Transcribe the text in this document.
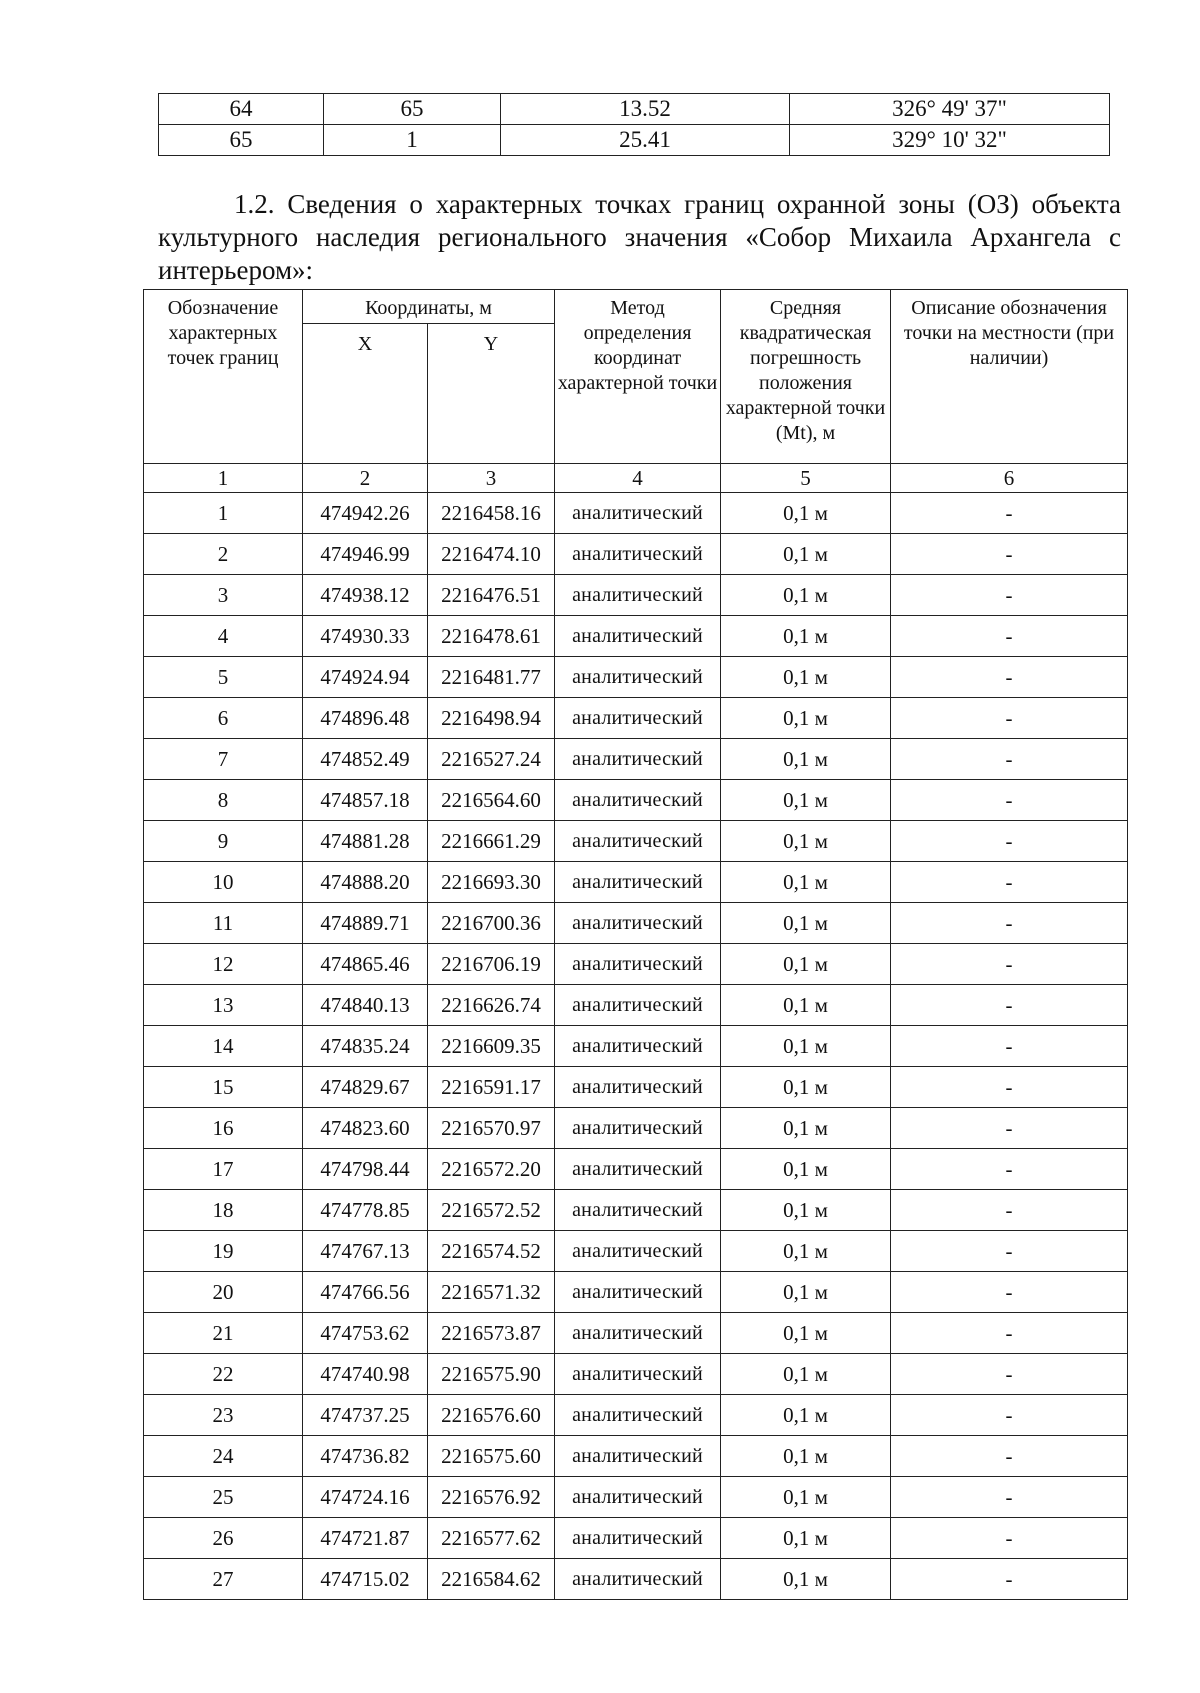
64	65	13.52	326° 49' 37"
65	1	25.41	329° 10' 32"

1.2. Сведения о характерных точках границ охранной зоны (ОЗ) объекта культурного наследия регионального значения «Собор Михаила Архангела с интерьером»:

Обозначение характерных точек границ	Координаты, м		Метод определения координат характерной точки	Средняя квадратическая погрешность положения характерной точки (Mt), м	Описание обозначения точки на местности (при наличии)
	X	Y			
1	2	3	4	5	6
1	474942.26	2216458.16	аналитический	0,1 м	-
2	474946.99	2216474.10	аналитический	0,1 м	-
3	474938.12	2216476.51	аналитический	0,1 м	-
4	474930.33	2216478.61	аналитический	0,1 м	-
5	474924.94	2216481.77	аналитический	0,1 м	-
6	474896.48	2216498.94	аналитический	0,1 м	-
7	474852.49	2216527.24	аналитический	0,1 м	-
8	474857.18	2216564.60	аналитический	0,1 м	-
9	474881.28	2216661.29	аналитический	0,1 м	-
10	474888.20	2216693.30	аналитический	0,1 м	-
11	474889.71	2216700.36	аналитический	0,1 м	-
12	474865.46	2216706.19	аналитический	0,1 м	-
13	474840.13	2216626.74	аналитический	0,1 м	-
14	474835.24	2216609.35	аналитический	0,1 м	-
15	474829.67	2216591.17	аналитический	0,1 м	-
16	474823.60	2216570.97	аналитический	0,1 м	-
17	474798.44	2216572.20	аналитический	0,1 м	-
18	474778.85	2216572.52	аналитический	0,1 м	-
19	474767.13	2216574.52	аналитический	0,1 м	-
20	474766.56	2216571.32	аналитический	0,1 м	-
21	474753.62	2216573.87	аналитический	0,1 м	-
22	474740.98	2216575.90	аналитический	0,1 м	-
23	474737.25	2216576.60	аналитический	0,1 м	-
24	474736.82	2216575.60	аналитический	0,1 м	-
25	474724.16	2216576.92	аналитический	0,1 м	-
26	474721.87	2216577.62	аналитический	0,1 м	-
27	474715.02	2216584.62	аналитический	0,1 м	-
